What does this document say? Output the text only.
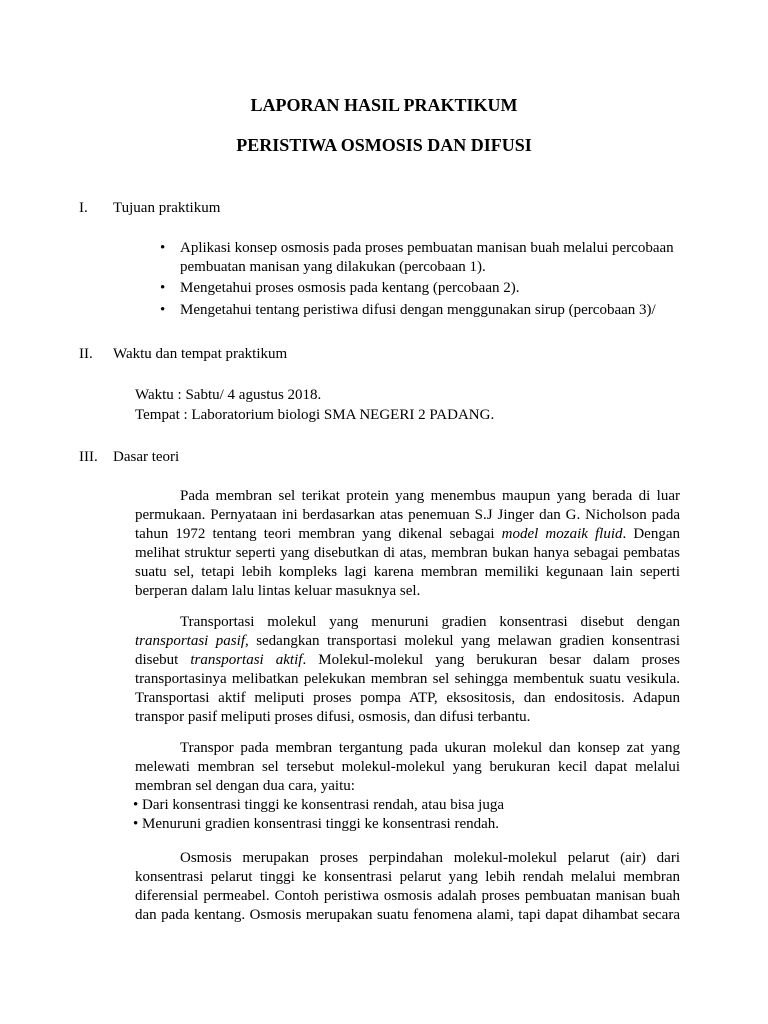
LAPORAN HASIL PRAKTIKUM
PERISTIWA OSMOSIS DAN DIFUSI
I. Tujuan praktikum
• Aplikasi konsep osmosis pada proses pembuatan manisan buah melalui percobaan
pembuatan manisan yang dilakukan (percobaan 1).
• Mengetahui proses osmosis pada kentang (percobaan 2).
• Mengetahui tentang peristiwa difusi dengan menggunakan sirup (percobaan 3)/
II. Waktu dan tempat praktikum
Waktu : Sabtu/ 4 agustus 2018.
Tempat : Laboratorium biologi SMA NEGERI 2 PADANG.
III. Dasar teori
Pada membran sel terikat protein yang menembus maupun yang berada di luar
permukaan. Pernyataan ini berdasarkan atas penemuan S.J Jinger dan G. Nicholson pada
tahun 1972 tentang teori membran yang dikenal sebagai model mozaik fluid. Dengan
melihat struktur seperti yang disebutkan di atas, membran bukan hanya sebagai pembatas
suatu sel, tetapi lebih kompleks lagi karena membran memiliki kegunaan lain seperti
berperan dalam lalu lintas keluar masuknya sel.
Transportasi molekul yang menuruni gradien konsentrasi disebut dengan
transportasi pasif, sedangkan transportasi molekul yang melawan gradien konsentrasi
disebut transportasi aktif. Molekul-molekul yang berukuran besar dalam proses
transportasinya melibatkan pelekukan membran sel sehingga membentuk suatu vesikula.
Transportasi aktif meliputi proses pompa ATP, eksositosis, dan endositosis. Adapun
transpor pasif meliputi proses difusi, osmosis, dan difusi terbantu.
Transpor pada membran tergantung pada ukuran molekul dan konsep zat yang
melewati membran sel tersebut molekul-molekul yang berukuran kecil dapat melalui
membran sel dengan dua cara, yaitu:
• Dari konsentrasi tinggi ke konsentrasi rendah, atau bisa juga
• Menuruni gradien konsentrasi tinggi ke konsentrasi rendah.
Osmosis merupakan proses perpindahan molekul-molekul pelarut (air) dari
konsentrasi pelarut tinggi ke konsentrasi pelarut yang lebih rendah melalui membran
diferensial permeabel. Contoh peristiwa osmosis adalah proses pembuatan manisan buah
dan pada kentang. Osmosis merupakan suatu fenomena alami, tapi dapat dihambat secara
